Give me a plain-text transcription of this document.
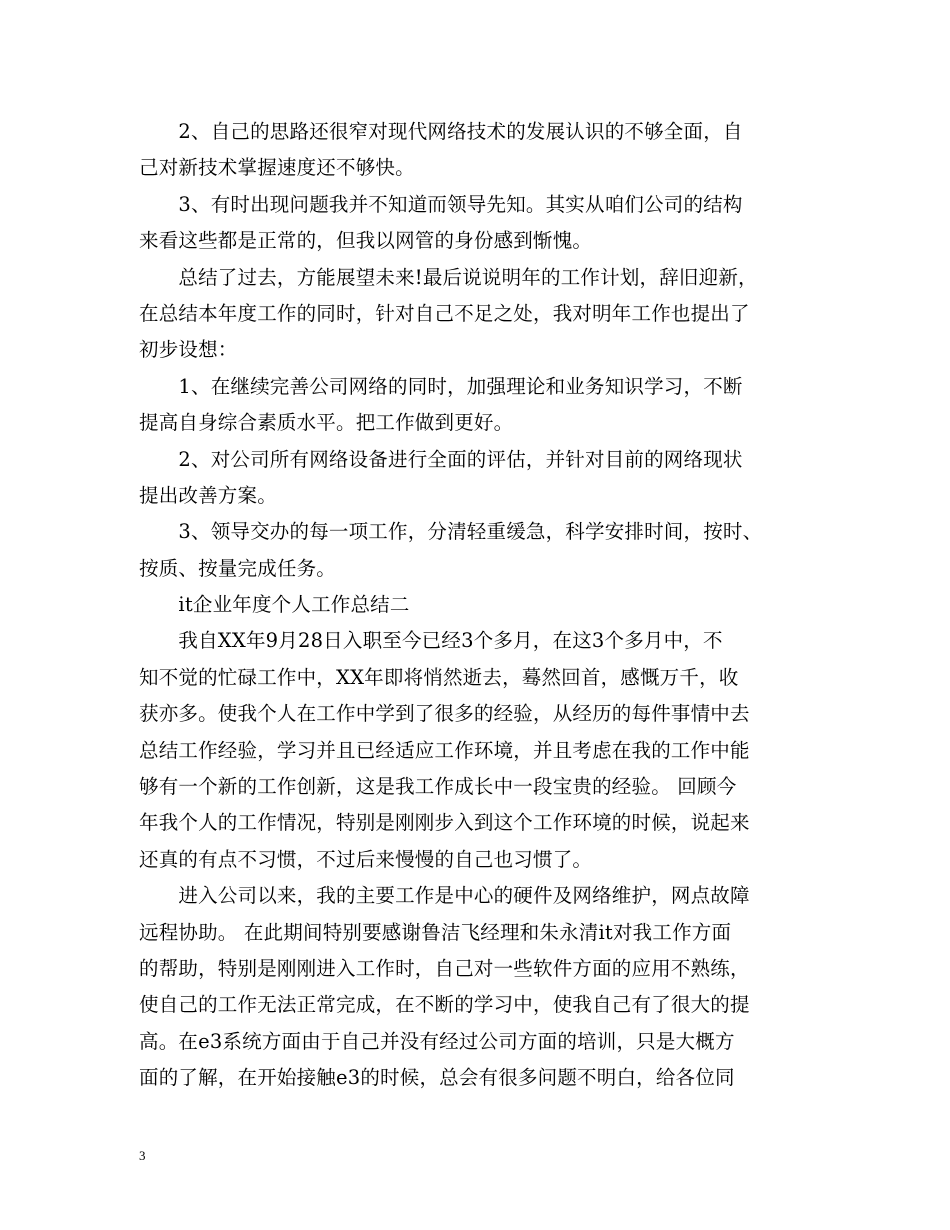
　　2、自己的思路还很窄对现代网络技术的发展认识的不够全面，自
己对新技术掌握速度还不够快。
　　3、有时出现问题我并不知道而领导先知。其实从咱们公司的结构
来看这些都是正常的，但我以网管的身份感到惭愧。
　　总结了过去，方能展望未来!最后说说明年的工作计划，辞旧迎新，
在总结本年度工作的同时，针对自己不足之处，我对明年工作也提出了
初步设想：
　　1、在继续完善公司网络的同时，加强理论和业务知识学习，不断
提高自身综合素质水平。把工作做到更好。
　　2、对公司所有网络设备进行全面的评估，并针对目前的网络现状
提出改善方案。
　　3、领导交办的每一项工作，分清轻重缓急，科学安排时间，按时、
按质、按量完成任务。
　　it企业年度个人工作总结二
　　我自XX年9月28日入职至今已经3个多月，在这3个多月中，不
知不觉的忙碌工作中，XX年即将悄然逝去，蓦然回首，感慨万千，收
获亦多。使我个人在工作中学到了很多的经验，从经历的每件事情中去
总结工作经验，学习并且已经适应工作环境，并且考虑在我的工作中能
够有一个新的工作创新，这是我工作成长中一段宝贵的经验。 回顾今
年我个人的工作情况，特别是刚刚步入到这个工作环境的时候，说起来
还真的有点不习惯，不过后来慢慢的自己也习惯了。
　　进入公司以来，我的主要工作是中心的硬件及网络维护，网点故障
远程协助。 在此期间特别要感谢鲁洁飞经理和朱永清it对我工作方面
的帮助，特别是刚刚进入工作时，自己对一些软件方面的应用不熟练，
使自己的工作无法正常完成，在不断的学习中，使我自己有了很大的提
高。在e3系统方面由于自己并没有经过公司方面的培训，只是大概方
面的了解，在开始接触e3的时候，总会有很多问题不明白，给各位同
3
